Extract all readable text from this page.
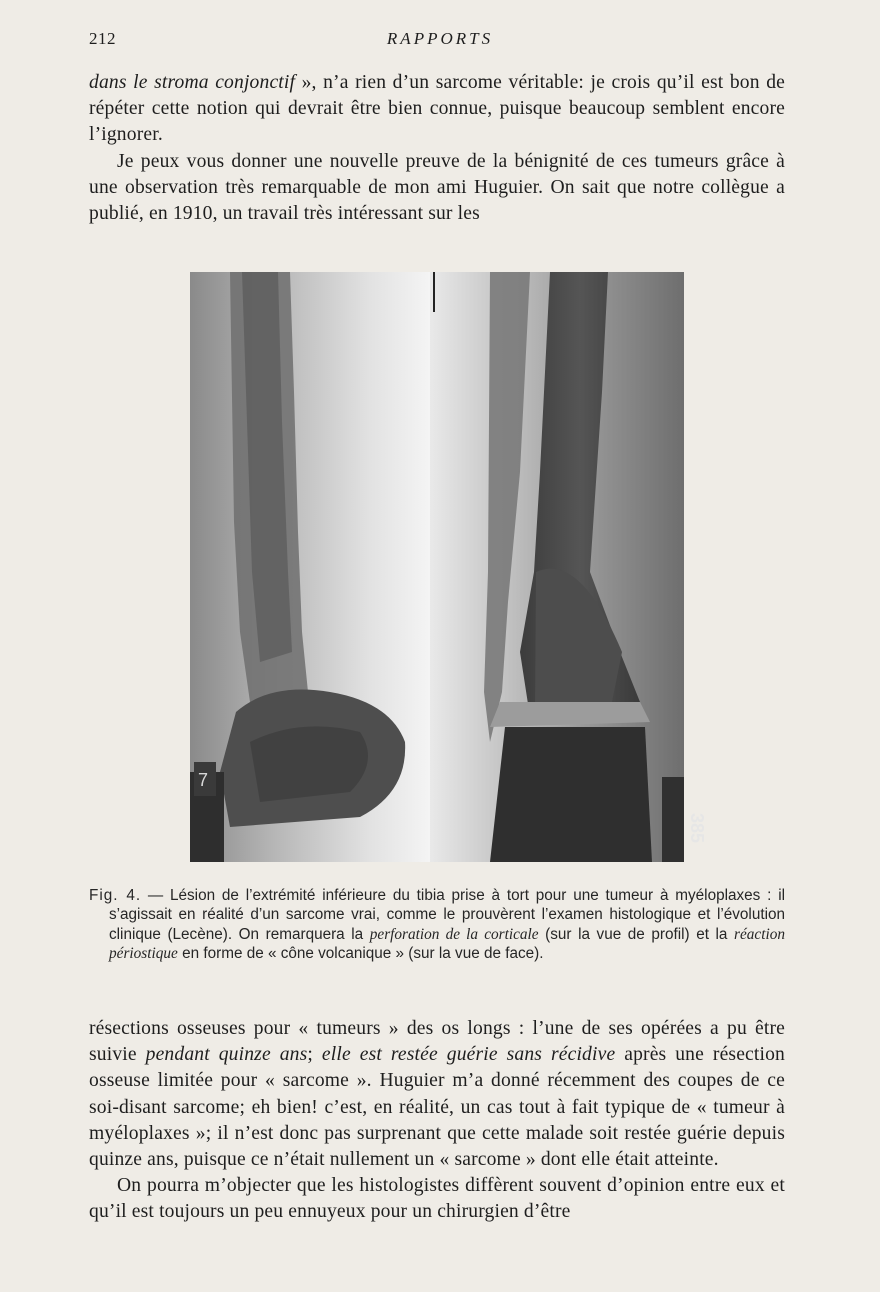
212	RAPPORTS

dans le stroma conjonctif », n’a rien d’un sarcome véritable: je crois qu’il est bon de répéter cette notion qui devrait être bien connue, puisque beaucoup semblent encore l’ignorer.

Je peux vous donner une nouvelle preuve de la bénignité de ces tumeurs grâce à une observation très remarquable de mon ami Huguier. On sait que notre collègue a publié, en 1910, un travail très intéressant sur les

7
385

Fig. 4. — Lésion de l’extrémité inférieure du tibia prise à tort pour une tumeur à myéloplaxes : il s’agissait en réalité d’un sarcome vrai, comme le prouvèrent l’examen histologique et l’évolution clinique (Lecène). On remarquera la perforation de la corticale (sur la vue de profil) et la réaction périostique en forme de « cône volcanique » (sur la vue de face).

résections osseuses pour « tumeurs » des os longs : l’une de ses opérées a pu être suivie pendant quinze ans; elle est restée guérie sans récidive après une résection osseuse limitée pour « sarcome ». Huguier m’a donné récemment des coupes de ce soi-disant sarcome; eh bien! c’est, en réalité, un cas tout à fait typique de « tumeur à myéloplaxes »; il n’est donc pas surprenant que cette malade soit restée guérie depuis quinze ans, puisque ce n’était nullement un « sarcome » dont elle était atteinte.

On pourra m’objecter que les histologistes diffèrent souvent d’opinion entre eux et qu’il est toujours un peu ennuyeux pour un chirurgien d’être
